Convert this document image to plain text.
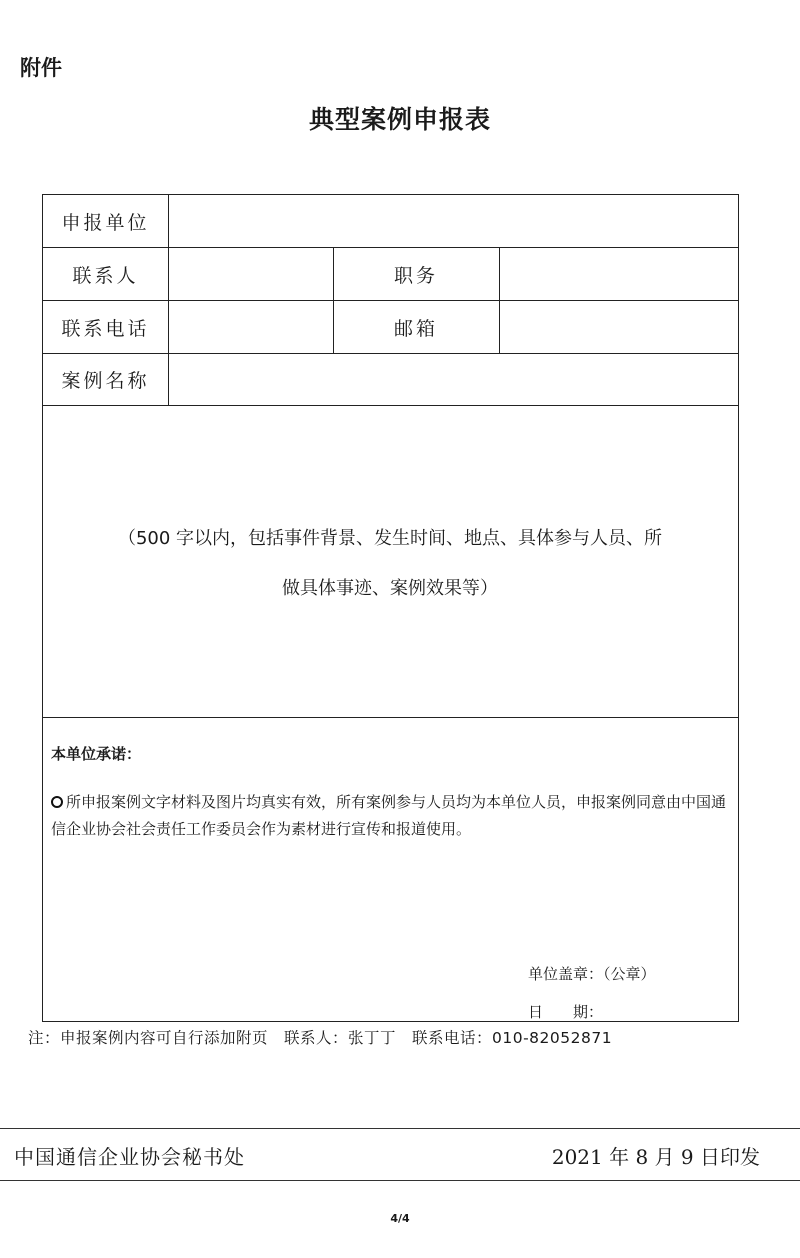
附件
典型案例申报表
申报单位
联系人	职务
联系电话	邮箱
案例名称
（500 字以内，包括事件背景、发生时间、地点、具体参与人员、所
做具体事迹、案例效果等）
本单位承诺：
所申报案例文字材料及图片均真实有效，所有案例参与人员均为本单位人员，申报案例同意由中国通信企业协会社会责任工作委员会作为素材进行宣传和报道使用。
单位盖章：（公章）
日　　期：
注：申报案例内容可自行添加附页　联系人：张丁丁　联系电话：010-82052871
中国通信企业协会秘书处	2021 年 8 月 9 日印发
4/4
